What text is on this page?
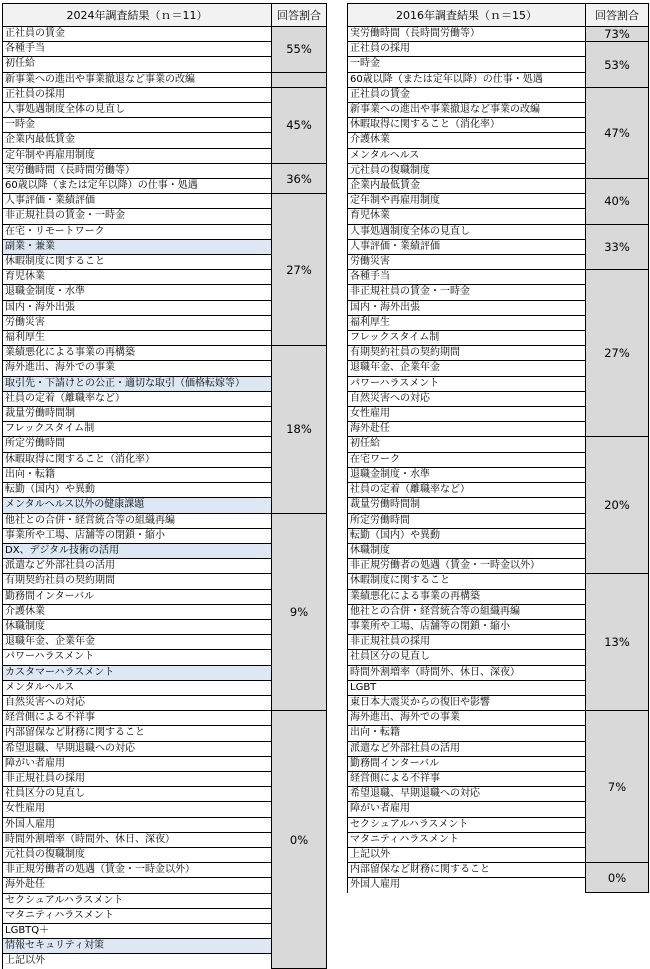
2024年調査結果（ｎ＝11）	回答割合
正社員の賃金	55%
各種手当	
初任給	
新事業への進出や事業撤退など事業の改編	
正社員の採用	45%
人事処遇制度全体の見直し	
一時金	
企業内最低賃金	
定年制や再雇用制度	
実労働時間（長時間労働等）	36%
60歳以降（または定年以降）の仕事・処遇	
人事評価・業績評価	27%
非正規社員の賃金・一時金	
在宅・リモートワーク	
副業・兼業	
休暇制度に関すること	
育児休業	
退職金制度・水準	
国内・海外出張	
労働災害	
福利厚生	
業績悪化による事業の再構築	18%
海外進出、海外での事業	
取引先・下請けとの公正・適切な取引（価格転嫁等）	
社員の定着（離職率など）	
裁量労働時間制	
フレックスタイム制	
所定労働時間	
休暇取得に関すること（消化率）	
出向・転籍	
転勤（国内）や異動	
メンタルヘルス以外の健康課題	
他社との合併・経営統合等の組織再編	9%
事業所や工場、店舗等の閉鎖・縮小	
DX、デジタル技術の活用	
派遣など外部社員の活用	
有期契約社員の契約期間	
勤務間インターバル	
介護休業	
休職制度	
退職年金、企業年金	
パワーハラスメント	
カスタマーハラスメント	
メンタルヘルス	
自然災害への対応	
経営側による不祥事	0%
内部留保など財務に関すること	
希望退職、早期退職への対応	
障がい者雇用	
非正規社員の採用	
社員区分の見直し	
女性雇用	
外国人雇用	
時間外割増率（時間外、休日、深夜）	
元社員の復職制度	
非正規労働者の処遇（賃金・一時金以外）	
海外赴任	
セクシュアルハラスメント	
マタニティハラスメント	
LGBTQ＋	
情報セキュリティ対策	
上記以外	
2016年調査結果（ｎ＝15）	回答割合
実労働時間（長時間労働等）	73%
正社員の採用	53%
一時金	
60歳以降（または定年以降）の仕事・処遇	
正社員の賃金	47%
新事業への進出や事業撤退など事業の改編	
休暇取得に関すること（消化率）	
介護休業	
メンタルヘルス	
元社員の復職制度	
企業内最低賃金	40%
定年制や再雇用制度	
育児休業	
人事処遇制度全体の見直し	33%
人事評価・業績評価	
労働災害	
各種手当	27%
非正規社員の賃金・一時金	
国内・海外出張	
福利厚生	
フレックスタイム制	
有期契約社員の契約期間	
退職年金、企業年金	
パワーハラスメント	
自然災害への対応	
女性雇用	
海外赴任	
初任給	20%
在宅ワーク	
退職金制度・水準	
社員の定着（離職率など）	
裁量労働時間制	
所定労働時間	
転勤（国内）や異動	
休職制度	
非正規労働者の処遇（賃金・一時金以外）	
休暇制度に関すること	13%
業績悪化による事業の再構築	
他社との合併・経営統合等の組織再編	
事業所や工場、店舗等の閉鎖・縮小	
非正規社員の採用	
社員区分の見直し	
時間外割増率（時間外、休日、深夜）	
LGBT	
東日本大震災からの復旧や影響	
海外進出、海外での事業	7%
出向・転籍	
派遣など外部社員の活用	
勤務間インターバル	
経営側による不祥事	
希望退職、早期退職への対応	
障がい者雇用	
セクシュアルハラスメント	
マタニティハラスメント	
上記以外	
内部留保など財務に関すること	0%
外国人雇用	
